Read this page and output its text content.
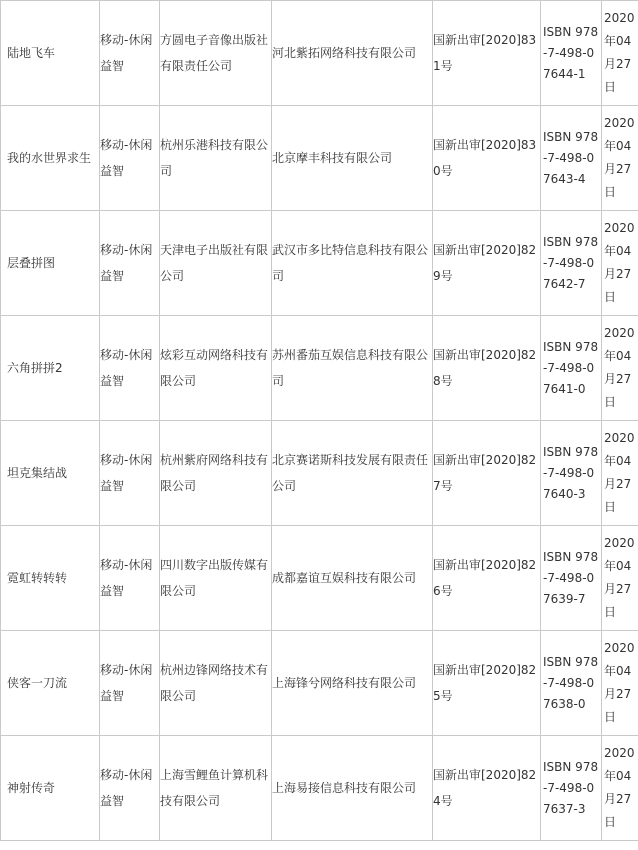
陆地飞车	移动-休闲益智	方圆电子音像出版社有限责任公司	河北紫拓网络科技有限公司	国新出审[2020]831号	ISBN 978-7-498-07644-1	2020年04月27日

我的水世界求生	移动-休闲益智	杭州乐港科技有限公司	北京摩丰科技有限公司	国新出审[2020]830号	ISBN 978-7-498-07643-4	2020年04月27日

层叠拼图	移动-休闲益智	天津电子出版社有限公司	武汉市多比特信息科技有限公司	国新出审[2020]829号	ISBN 978-7-498-07642-7	2020年04月27日

六角拼拼2	移动-休闲益智	炫彩互动网络科技有限公司	苏州番茄互娱信息科技有限公司	国新出审[2020]828号	ISBN 978-7-498-07641-0	2020年04月27日

坦克集结战	移动-休闲益智	杭州紫府网络科技有限公司	北京赛诺斯科技发展有限责任公司	国新出审[2020]827号	ISBN 978-7-498-07640-3	2020年04月27日

霓虹转转转	移动-休闲益智	四川数字出版传媒有限公司	成都嘉谊互娱科技有限公司	国新出审[2020]826号	ISBN 978-7-498-07639-7	2020年04月27日

侠客一刀流	移动-休闲益智	杭州边锋网络技术有限公司	上海锋兮网络科技有限公司	国新出审[2020]825号	ISBN 978-7-498-07638-0	2020年04月27日

神射传奇	移动-休闲益智	上海雪鲤鱼计算机科技有限公司	上海易接信息科技有限公司	国新出审[2020]824号	ISBN 978-7-498-07637-3	2020年04月27日
